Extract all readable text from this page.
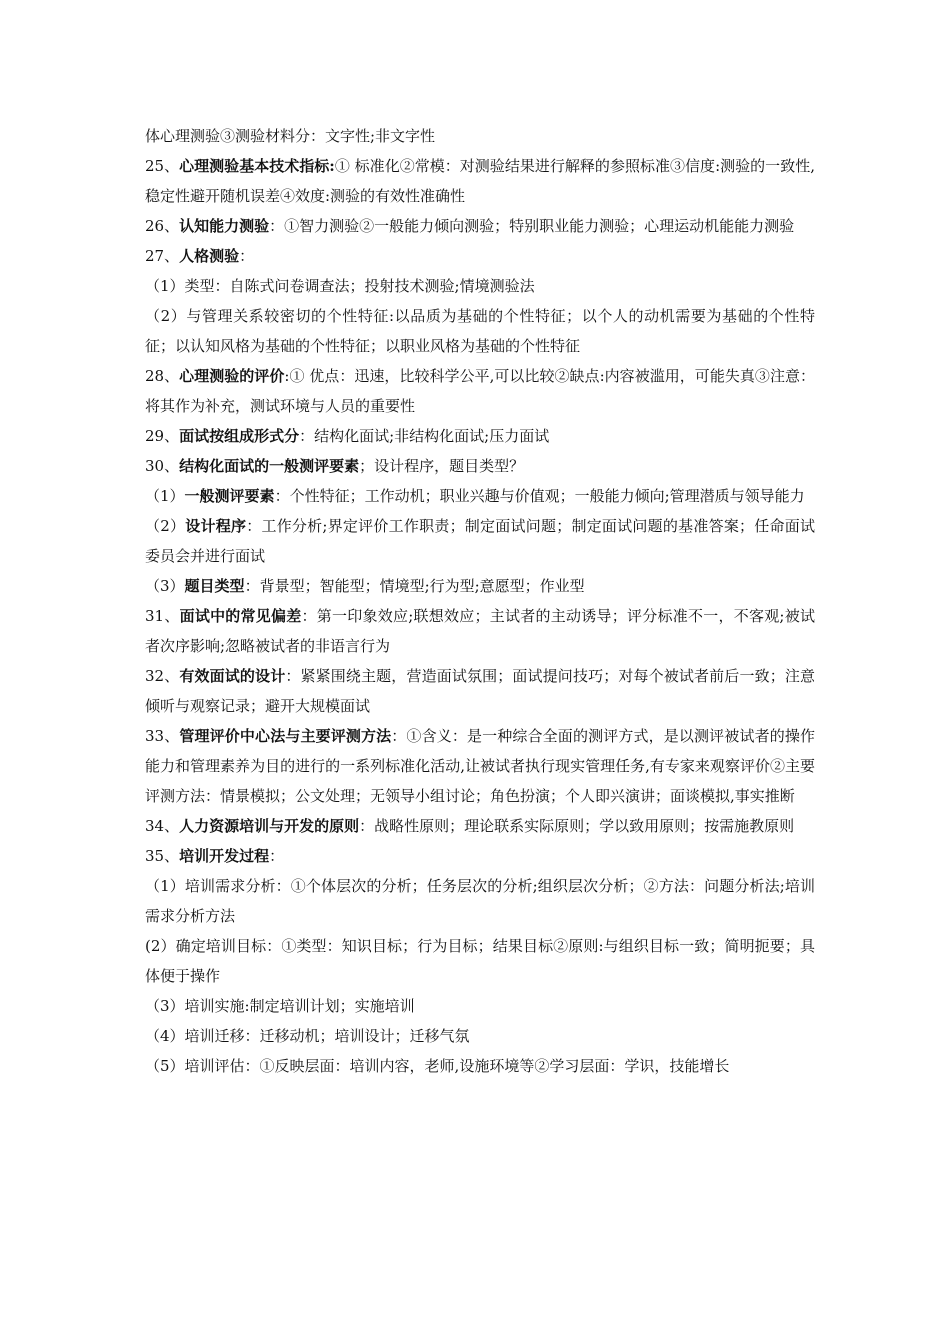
体心理测验③测验材料分：文字性;非文字性

25、心理测验基本技术指标:① 标准化②常模：对测验结果进行解释的参照标准③信度:测验的一致性,稳定性避开随机误差④效度:测验的有效性准确性

26、认知能力测验：①智力测验②一般能力倾向测验；特别职业能力测验；心理运动机能能力测验

27、人格测验：

（1）类型：自陈式问卷调查法；投射技术测验;情境测验法

（2）与管理关系较密切的个性特征:以品质为基础的个性特征；以个人的动机需要为基础的个性特征；以认知风格为基础的个性特征；以职业风格为基础的个性特征

28、心理测验的评价:① 优点：迅速，比较科学公平,可以比较②缺点:内容被滥用，可能失真③注意：将其作为补充，测试环境与人员的重要性

29、面试按组成形式分：结构化面试;非结构化面试;压力面试

30、结构化面试的一般测评要素；设计程序，题目类型？

（1）一般测评要素：个性特征；工作动机；职业兴趣与价值观；一般能力倾向;管理潜质与领导能力

（2）设计程序：工作分析;界定评价工作职责；制定面试问题；制定面试问题的基准答案；任命面试委员会并进行面试

（3）题目类型：背景型；智能型；情境型;行为型;意愿型；作业型

31、面试中的常见偏差：第一印象效应;联想效应；主试者的主动诱导；评分标准不一，不客观;被试者次序影响;忽略被试者的非语言行为

32、有效面试的设计：紧紧围绕主题，营造面试氛围；面试提问技巧；对每个被试者前后一致；注意倾听与观察记录；避开大规模面试

33、管理评价中心法与主要评测方法：①含义：是一种综合全面的测评方式，是以测评被试者的操作能力和管理素养为目的进行的一系列标准化活动,让被试者执行现实管理任务,有专家来观察评价②主要评测方法：情景模拟；公文处理；无领导小组讨论；角色扮演；个人即兴演讲；面谈模拟,事实推断

34、人力资源培训与开发的原则：战略性原则；理论联系实际原则；学以致用原则；按需施教原则

35、培训开发过程：

（1）培训需求分析：①个体层次的分析；任务层次的分析;组织层次分析；②方法：问题分析法;培训需求分析方法

(2）确定培训目标：①类型：知识目标；行为目标；结果目标②原则:与组织目标一致；简明扼要；具体便于操作

（3）培训实施:制定培训计划；实施培训

（4）培训迁移：迁移动机；培训设计；迁移气氛

（5）培训评估：①反映层面：培训内容，老师,设施环境等②学习层面：学识，技能增长
